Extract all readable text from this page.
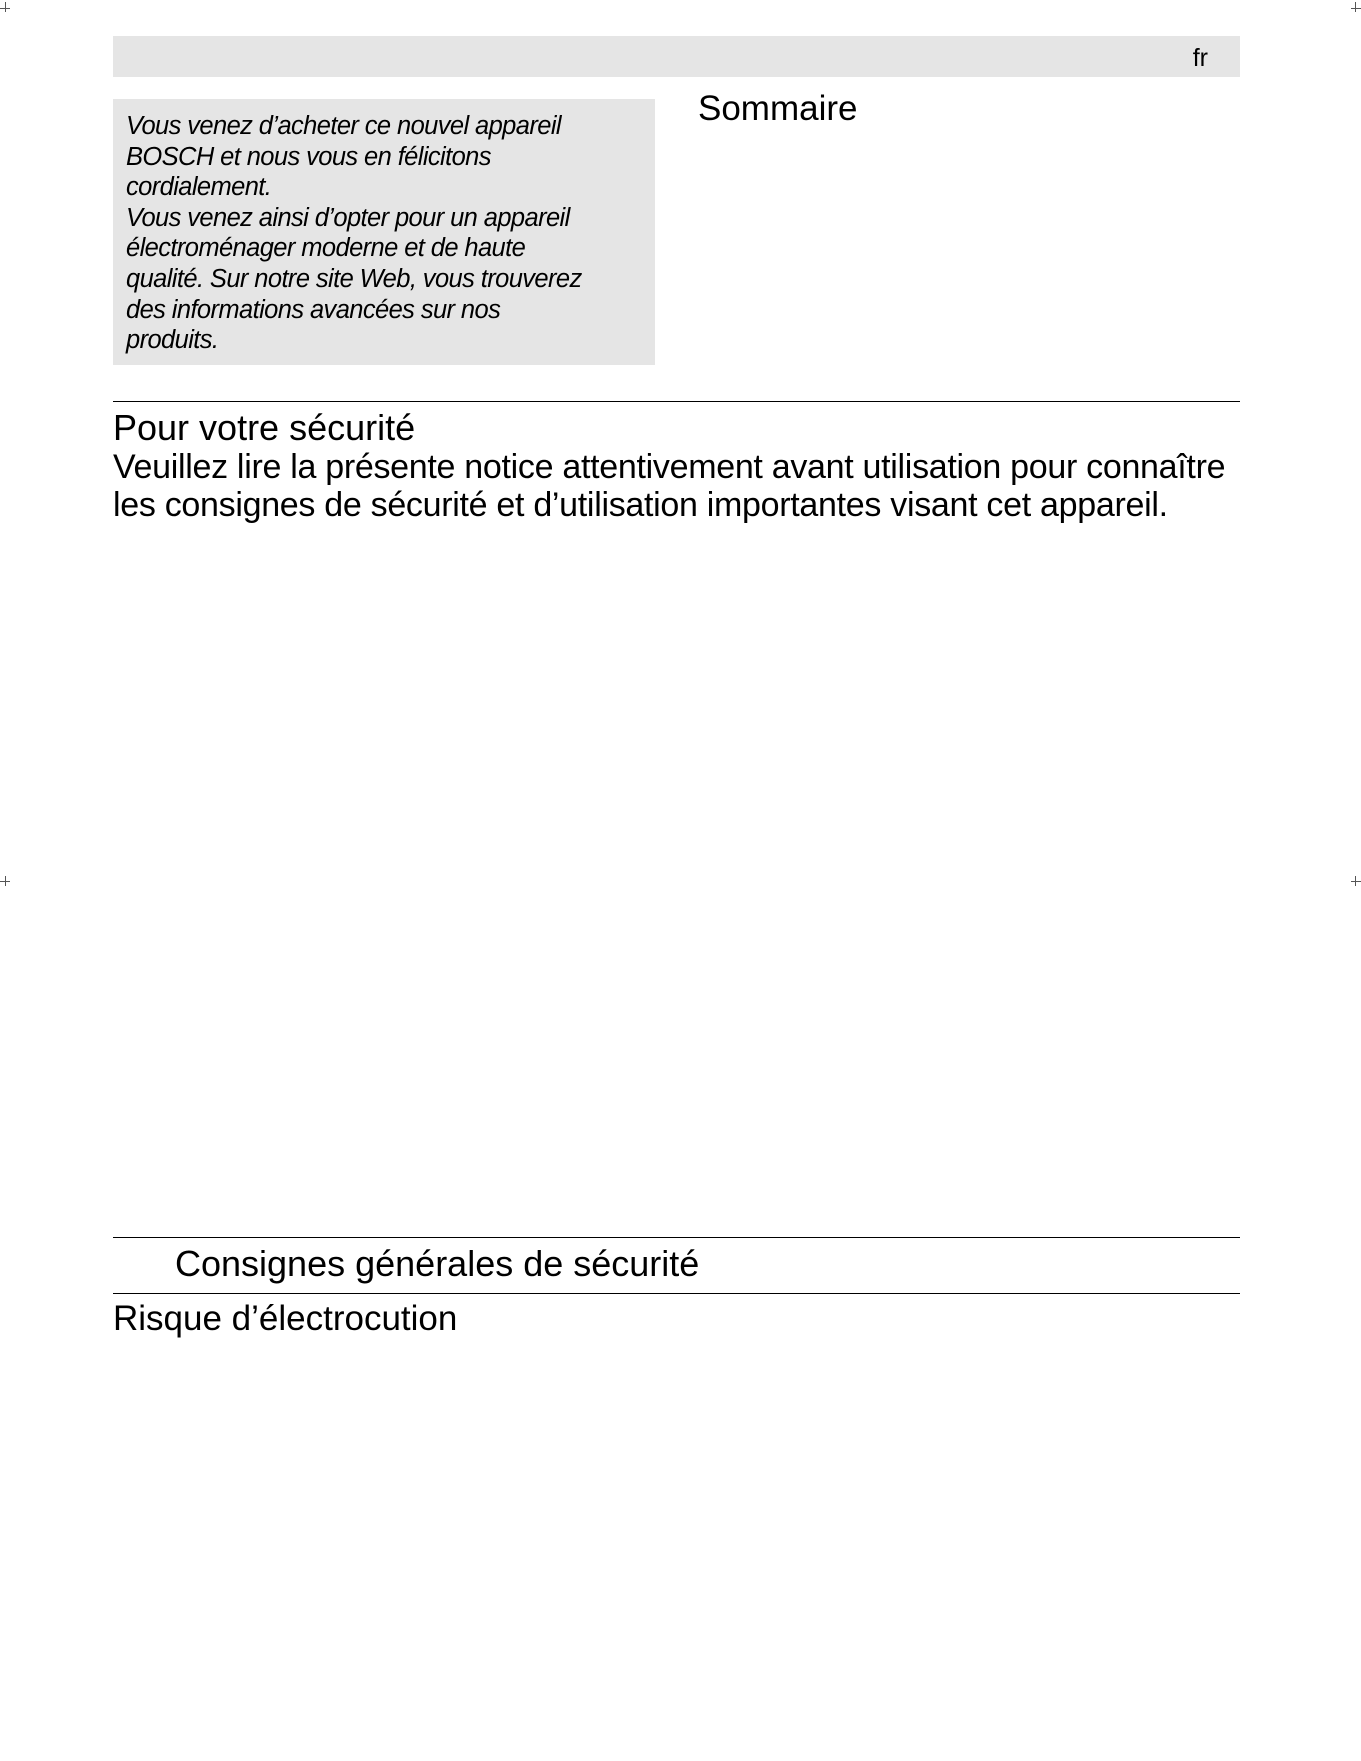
fr
Vous venez d’acheter ce nouvel appareil
BOSCH et nous vous en félicitons
cordialement.
Vous venez ainsi d’opter pour un appareil
électroménager moderne et de haute
qualité. Sur notre site Web, vous trouverez
des informations avancées sur nos
produits.
Sommaire
Pour votre sécurité
Veuillez lire la présente notice attentivement avant utilisation pour connaître les consignes de sécurité et d’utilisation importantes visant cet appareil.
Consignes générales de sécurité
Risque d’électrocution
